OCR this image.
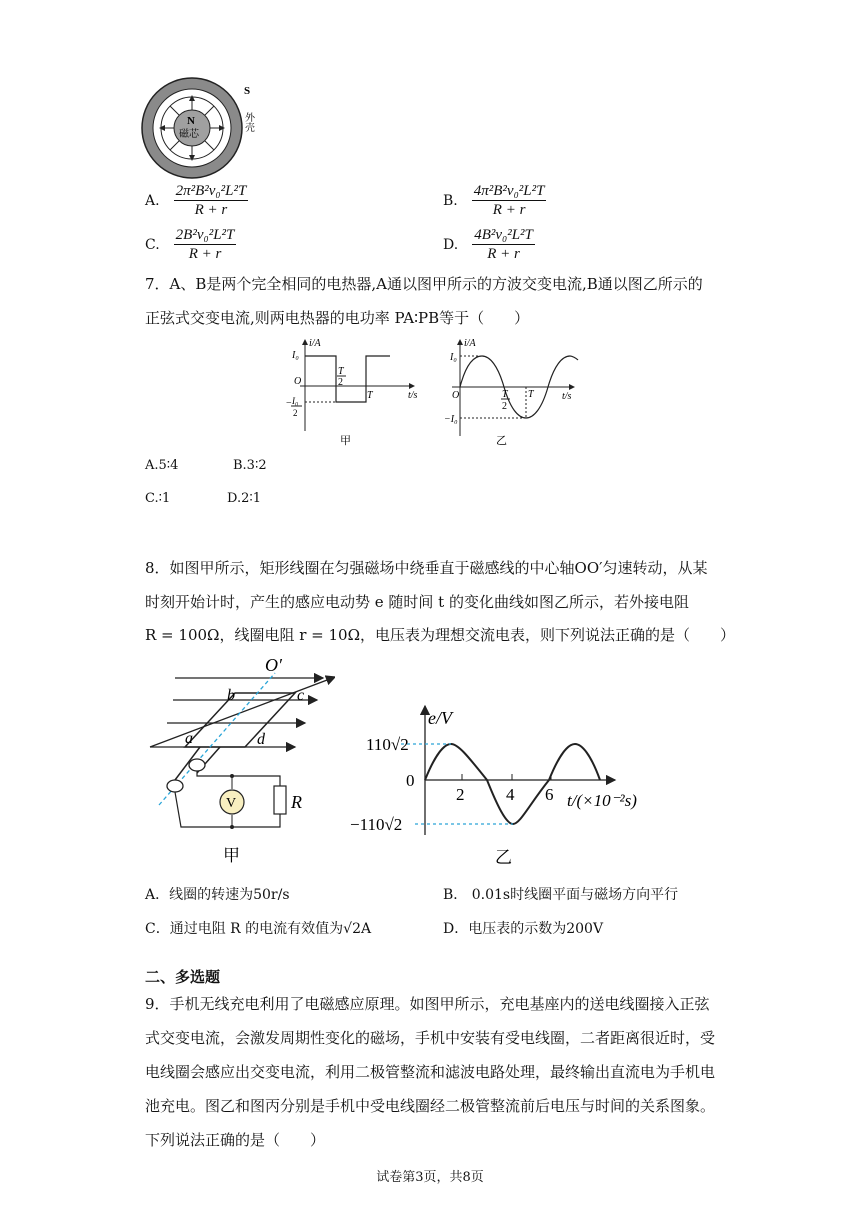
N
磁芯
S
外壳
A. $\frac{\text{2π²B²v₀²L²T}}{R + r}$	B. $\frac{\text{4π²B²v₀²L²T}}{R + r}$
C. $\frac{\text{2B²v₀²L²T}}{R + r}$	D. $\frac{\text{4B²v₀²L²T}}{R + r}$
7．A、B是两个完全相同的电热器,A通以图甲所示的方波交变电流,B通以图乙所示的
正弦式交变电流,则两电热器的电功率 PA∶PB等于（　　）
i/A
I₀
O
T
2
T	t/s
− I₀
2
甲
i/A
I₀
O	T
2
T	t/s
−I₀
乙
A.5∶4	B.3∶2
C.∶1	D.2∶1
8．如图甲所示，矩形线圈在匀强磁场中绕垂直于磁感线的中心轴OO′匀速转动，从某
时刻开始计时，产生的感应电动势 e 随时间 t 的变化曲线如图乙所示，若外接电阻
R = 100Ω，线圈电阻 r = 10Ω，电压表为理想交流电表，则下列说法正确的是（　　）
V	R
O′
b	c
a	d
甲
e/V
110√2
0
−110√2
2 4 6 t/(×10⁻²s)
乙
A．线圈的转速为50r/s	B． 0.01s时线圈平面与磁场方向平行
C．通过电阻 R 的电流有效值为√2A	D．电压表的示数为200V
二、多选题
9．手机无线充电利用了电磁感应原理。如图甲所示，充电基座内的送电线圈接入正弦
式交变电流，会激发周期性变化的磁场，手机中安装有受电线圈，二者距离很近时，受
电线圈会感应出交变电流，利用二极管整流和滤波电路处理，最终输出直流电为手机电
池充电。图乙和图丙分别是手机中受电线圈经二极管整流前后电压与时间的关系图象。
下列说法正确的是（　　）
试卷第3页，共8页
